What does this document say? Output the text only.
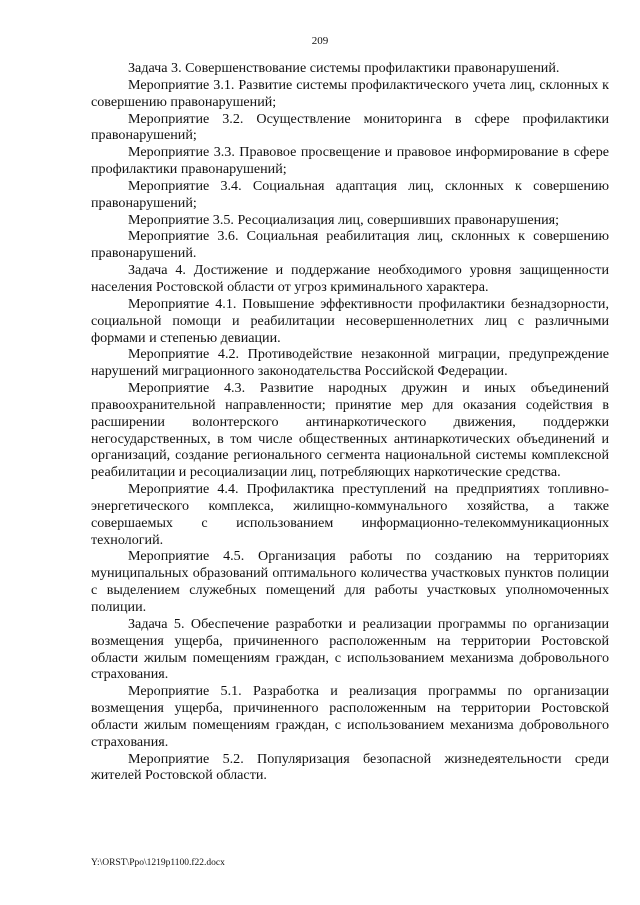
209

Задача 3. Совершенствование системы профилактики правонарушений.

Мероприятие 3.1. Развитие системы профилактического учета лиц, склонных к совершению правонарушений;

Мероприятие 3.2. Осуществление мониторинга в сфере профилактики правонарушений;

Мероприятие 3.3. Правовое просвещение и правовое информирование в сфере профилактики правонарушений;

Мероприятие 3.4. Социальная адаптация лиц, склонных к совершению правонарушений;

Мероприятие 3.5. Ресоциализация лиц, совершивших правонарушения;

Мероприятие 3.6. Социальная реабилитация лиц, склонных к совершению правонарушений.

Задача 4. Достижение и поддержание необходимого уровня защищенности населения Ростовской области от угроз криминального характера.

Мероприятие 4.1. Повышение эффективности профилактики безнадзорности, социальной помощи и реабилитации несовершеннолетних лиц с различными формами и степенью девиации.

Мероприятие 4.2. Противодействие незаконной миграции, предупреждение нарушений миграционного законодательства Российской Федерации.

Мероприятие 4.3. Развитие народных дружин и иных объединений правоохранительной направленности; принятие мер для оказания содействия в расширении волонтерского антинаркотического движения, поддержки негосударственных, в том числе общественных антинаркотических объединений и организаций, создание регионального сегмента национальной системы комплексной реабилитации и ресоциализации лиц, потребляющих наркотические средства.

Мероприятие 4.4. Профилактика преступлений на предприятиях топливно-энергетического комплекса, жилищно-коммунального хозяйства, а также совершаемых с использованием информационно-телекоммуникационных технологий.

Мероприятие 4.5. Организация работы по созданию на территориях муниципальных образований оптимального количества участковых пунктов полиции с выделением служебных помещений для работы участковых уполномоченных полиции.

Задача 5. Обеспечение разработки и реализации программы по организации возмещения ущерба, причиненного расположенным на территории Ростовской области жилым помещениям граждан, с использованием механизма добровольного страхования.

Мероприятие 5.1. Разработка и реализация программы по организации возмещения ущерба, причиненного расположенным на территории Ростовской области жилым помещениям граждан, с использованием механизма добровольного страхования.

Мероприятие 5.2. Популяризация безопасной жизнедеятельности среди жителей Ростовской области.

Y:\ORST\Ppo\1219p1100.f22.docx
